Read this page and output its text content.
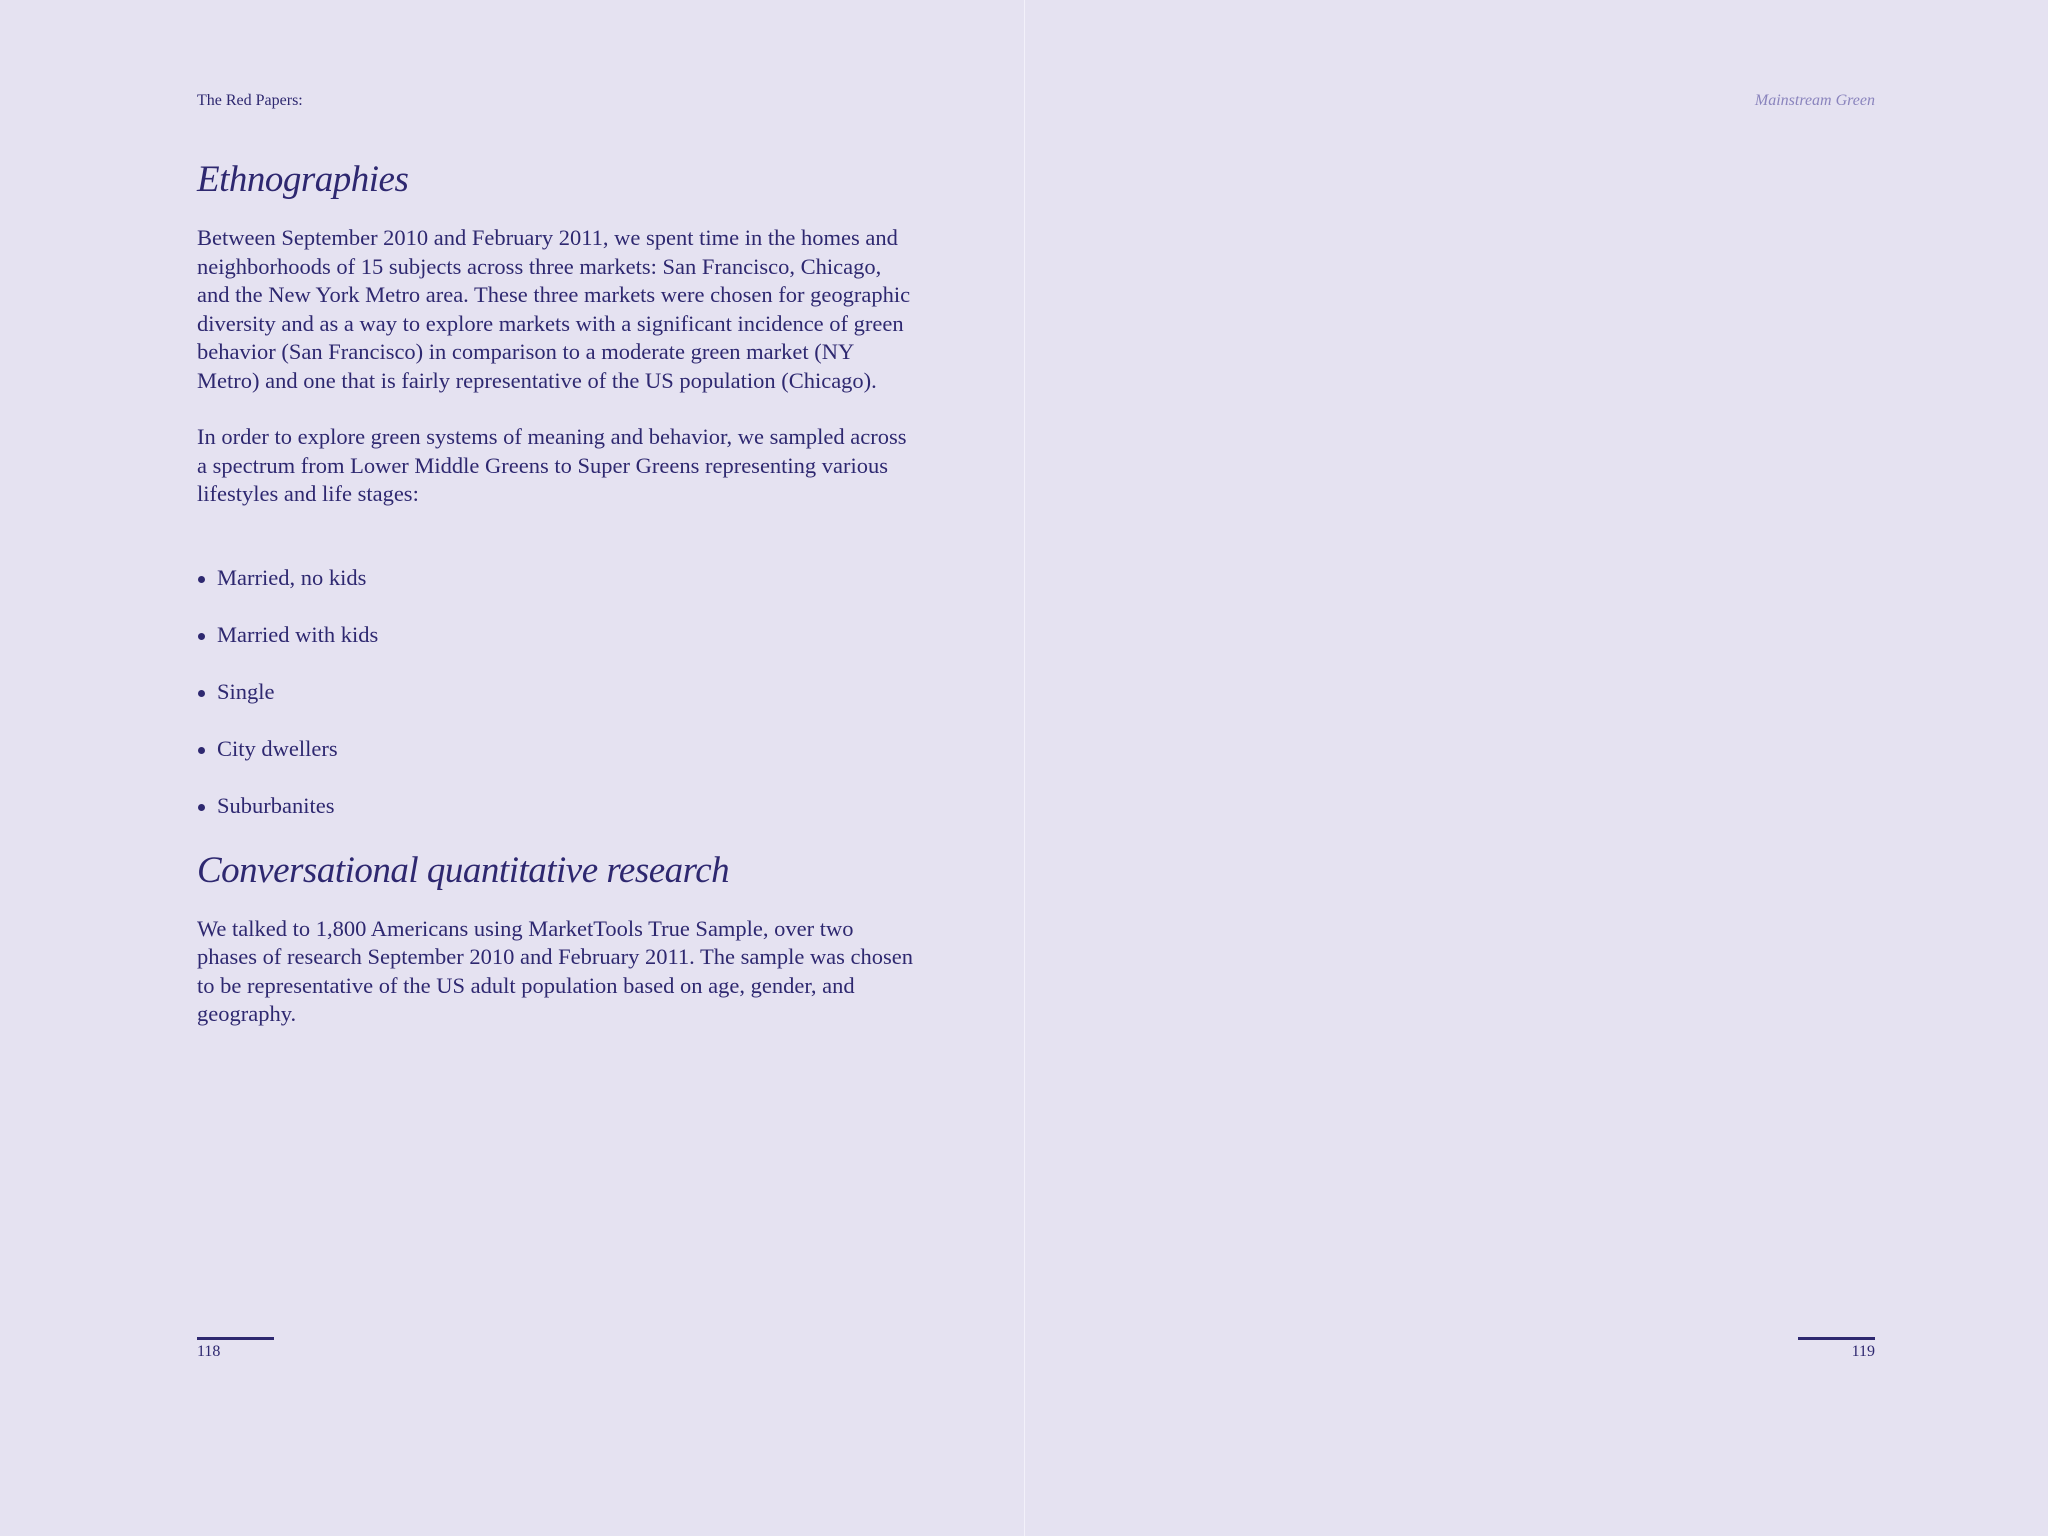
The Red Papers:

Ethnographies

Between September 2010 and February 2011, we spent time in the homes and neighborhoods of 15 subjects across three markets: San Francisco, Chicago, and the New York Metro area. These three markets were chosen for geographic diversity and as a way to explore markets with a significant incidence of green behavior (San Francisco) in comparison to a moderate green market (NY Metro) and one that is fairly representative of the US population (Chicago).

In order to explore green systems of meaning and behavior, we sampled across a spectrum from Lower Middle Greens to Super Greens representing various lifestyles and life stages:

Married, no kids
Married with kids
Single
City dwellers
Suburbanites
Conversational quantitative research

We talked to 1,800 Americans using MarketTools True Sample, over two phases of research September 2010 and February 2011. The sample was chosen to be representative of the US adult population based on age, gender, and geography.

118

Mainstream Green

119
